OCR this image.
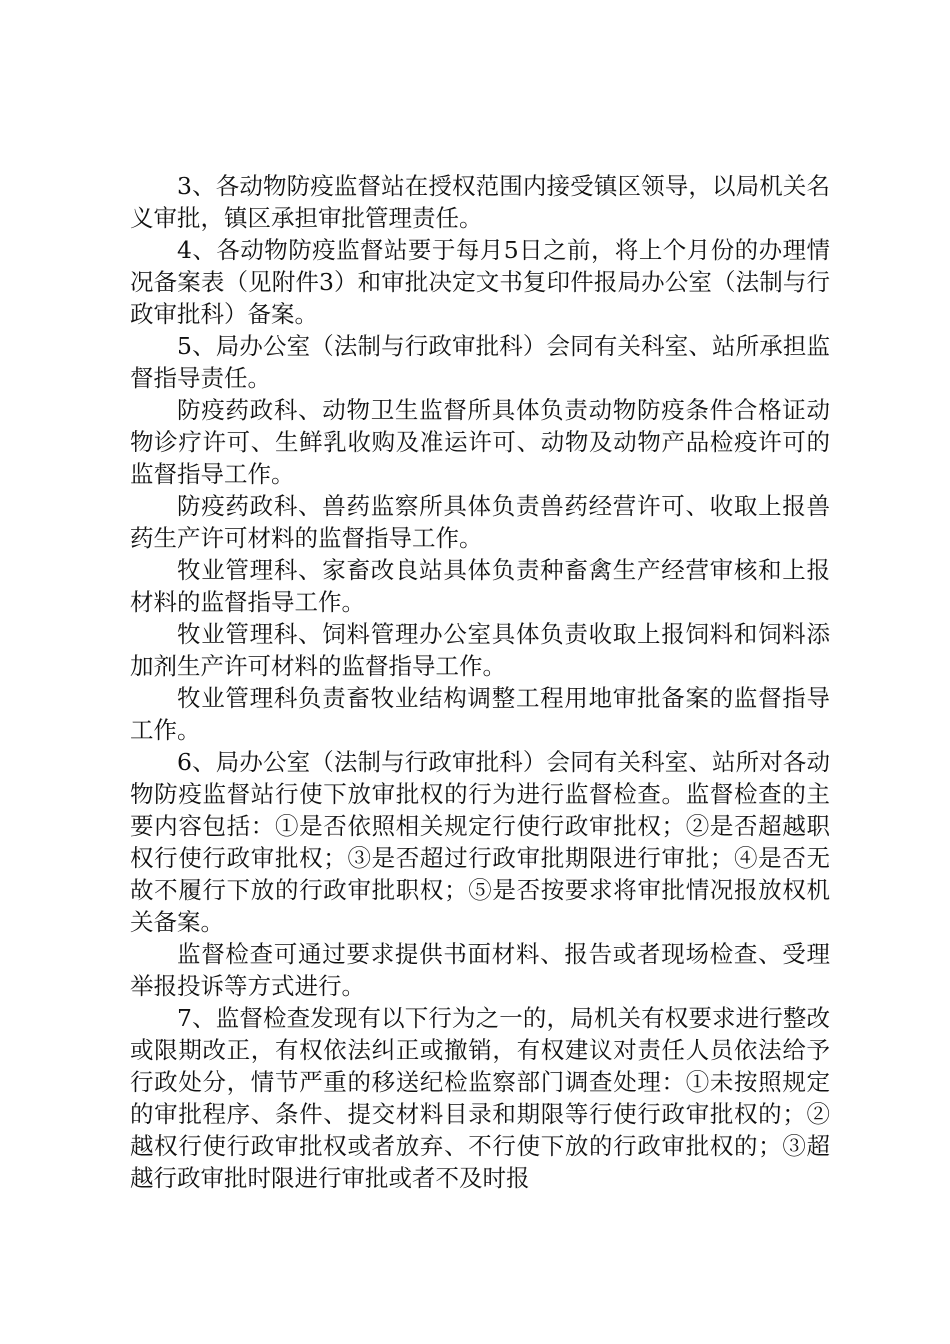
3、各动物防疫监督站在授权范围内接受镇区领导，以局机关名义审批，镇区承担审批管理责任。

4、各动物防疫监督站要于每月5日之前，将上个月份的办理情况备案表（见附件3）和审批决定文书复印件报局办公室（法制与行政审批科）备案。

5、局办公室（法制与行政审批科）会同有关科室、站所承担监督指导责任。

防疫药政科、动物卫生监督所具体负责动物防疫条件合格证动物诊疗许可、生鲜乳收购及准运许可、动物及动物产品检疫许可的监督指导工作。

防疫药政科、兽药监察所具体负责兽药经营许可、收取上报兽药生产许可材料的监督指导工作。

牧业管理科、家畜改良站具体负责种畜禽生产经营审核和上报材料的监督指导工作。

牧业管理科、饲料管理办公室具体负责收取上报饲料和饲料添加剂生产许可材料的监督指导工作。

牧业管理科负责畜牧业结构调整工程用地审批备案的监督指导工作。

6、局办公室（法制与行政审批科）会同有关科室、站所对各动物防疫监督站行使下放审批权的行为进行监督检查。监督检查的主要内容包括：①是否依照相关规定行使行政审批权；②是否超越职权行使行政审批权；③是否超过行政审批期限进行审批；④是否无故不履行下放的行政审批职权；⑤是否按要求将审批情况报放权机关备案。

监督检查可通过要求提供书面材料、报告或者现场检查、受理举报投诉等方式进行。

7、监督检查发现有以下行为之一的，局机关有权要求进行整改或限期改正，有权依法纠正或撤销，有权建议对责任人员依法给予行政处分，情节严重的移送纪检监察部门调查处理：①未按照规定的审批程序、条件、提交材料目录和期限等行使行政审批权的；②越权行使行政审批权或者放弃、不行使下放的行政审批权的；③超越行政审批时限进行审批或者不及时报
